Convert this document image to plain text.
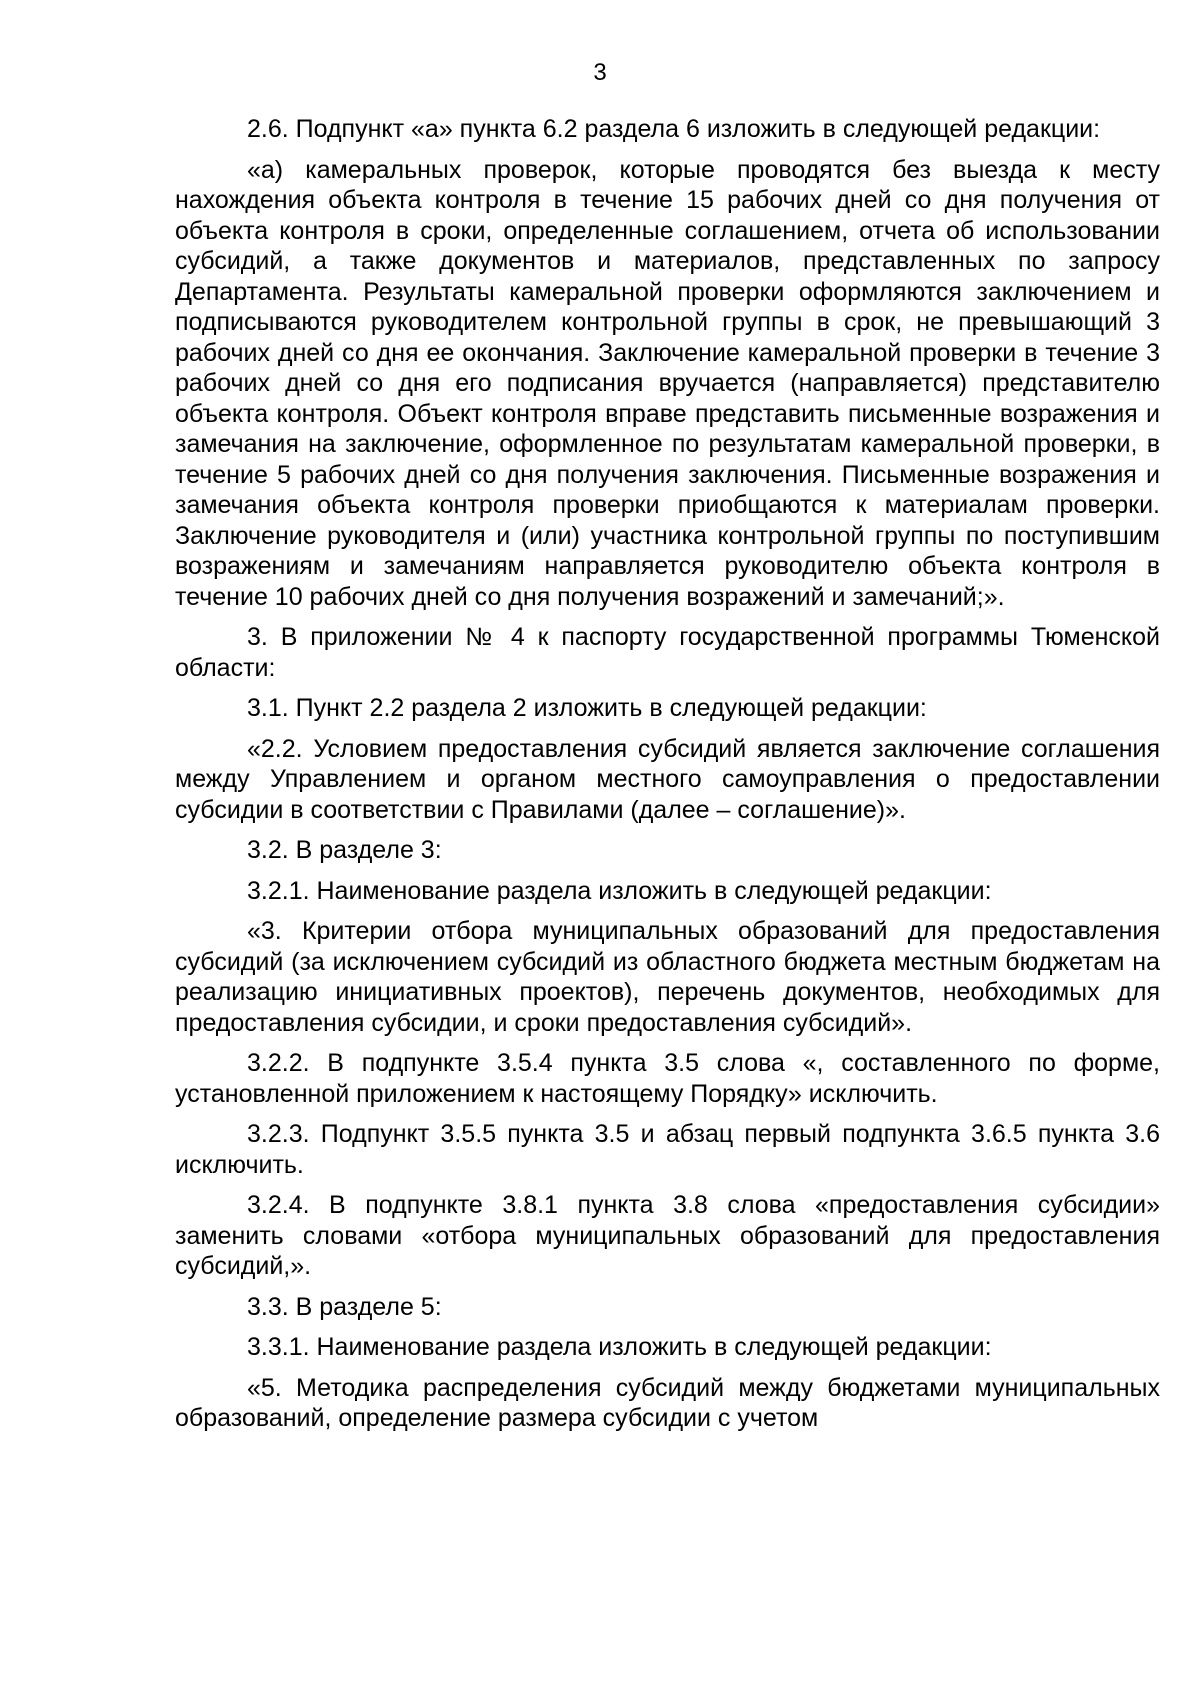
3

2.6. Подпункт «а» пункта 6.2 раздела 6 изложить в следующей редакции:

«а) камеральных проверок, которые проводятся без выезда к месту нахождения объекта контроля в течение 15 рабочих дней со дня получения от объекта контроля в сроки, определенные соглашением, отчета об использовании субсидий, а также документов и материалов, представленных по запросу Департамента. Результаты камеральной проверки оформляются заключением и подписываются руководителем контрольной группы в срок, не превышающий 3 рабочих дней со дня ее окончания. Заключение камеральной проверки в течение 3 рабочих дней со дня его подписания вручается (направляется) представителю объекта контроля. Объект контроля вправе представить письменные возражения и замечания на заключение, оформленное по результатам камеральной проверки, в течение 5 рабочих дней со дня получения заключения. Письменные возражения и замечания объекта контроля проверки приобщаются к материалам проверки. Заключение руководителя и (или) участника контрольной группы по поступившим возражениям и замечаниям направляется руководителю объекта контроля в течение 10 рабочих дней со дня получения возражений и замечаний;».

3. В приложении № 4 к паспорту государственной программы Тюменской области:

3.1. Пункт 2.2 раздела 2 изложить в следующей редакции:

«2.2. Условием предоставления субсидий является заключение соглашения между Управлением и органом местного самоуправления о предоставлении субсидии в соответствии с Правилами (далее – соглашение)».

3.2. В разделе 3:

3.2.1. Наименование раздела изложить в следующей редакции:

«3. Критерии отбора муниципальных образований для предоставления субсидий (за исключением субсидий из областного бюджета местным бюджетам на реализацию инициативных проектов), перечень документов, необходимых для предоставления субсидии, и сроки предоставления субсидий».

3.2.2. В подпункте 3.5.4 пункта 3.5 слова «, составленного по форме, установленной приложением к настоящему Порядку» исключить.

3.2.3. Подпункт 3.5.5 пункта 3.5 и абзац первый подпункта 3.6.5 пункта 3.6 исключить.

3.2.4. В подпункте 3.8.1 пункта 3.8 слова «предоставления субсидии» заменить словами «отбора муниципальных образований для предоставления субсидий,».

3.3. В разделе 5:

3.3.1. Наименование раздела изложить в следующей редакции:

«5. Методика распределения субсидий между бюджетами муниципальных образований, определение размера субсидии с учетом
